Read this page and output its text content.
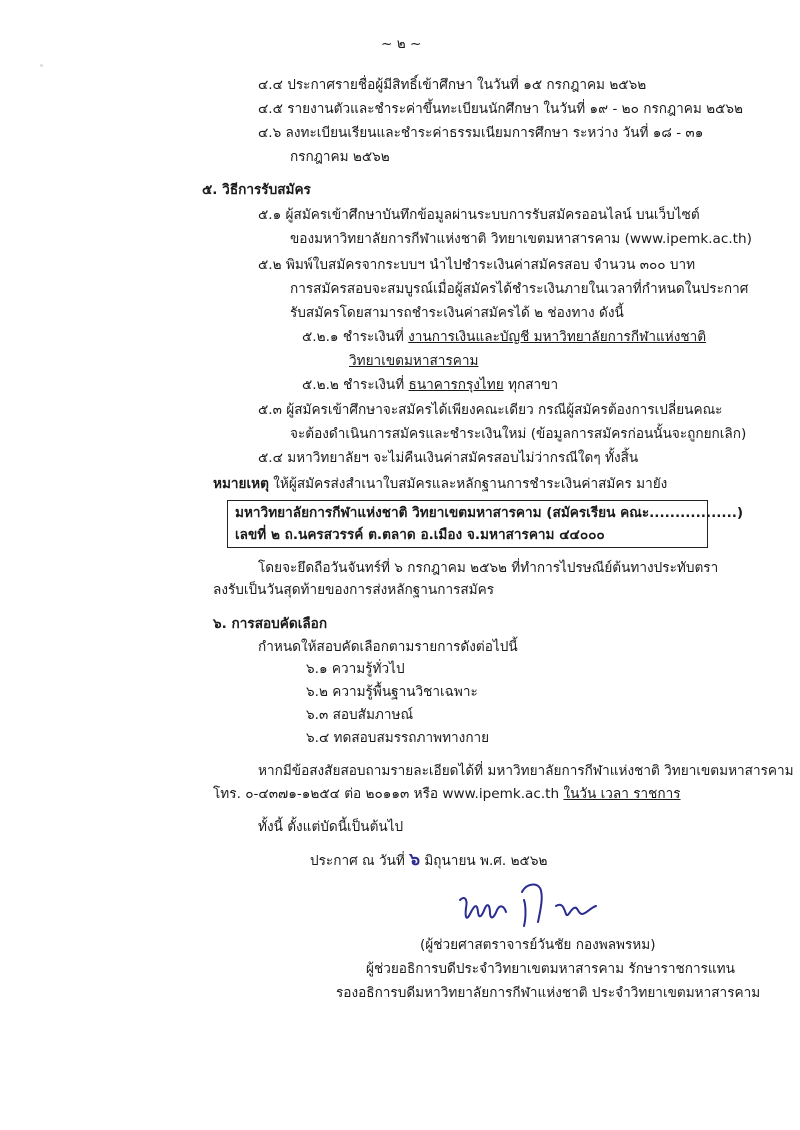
~ ๒ ~
๔.๔ ประกาศรายชื่อผู้มีสิทธิ์เข้าศึกษา ในวันที่ ๑๕ กรกฎาคม ๒๕๖๒
๔.๕ รายงานตัวและชำระค่าขึ้นทะเบียนนักศึกษา ในวันที่ ๑๙ - ๒๐ กรกฎาคม ๒๕๖๒
๔.๖ ลงทะเบียนเรียนและชำระค่าธรรมเนียมการศึกษา ระหว่าง วันที่ ๑๘ - ๓๑
กรกฎาคม ๒๕๖๒
๕. วิธีการรับสมัคร
๕.๑ ผู้สมัครเข้าศึกษาบันทึกข้อมูลผ่านระบบการรับสมัครออนไลน์ บนเว็บไซต์
ของมหาวิทยาลัยการกีฬาแห่งชาติ วิทยาเขตมหาสารคาม (www.ipemk.ac.th)
๕.๒ พิมพ์ใบสมัครจากระบบฯ นำไปชำระเงินค่าสมัครสอบ จำนวน ๓๐๐ บาท
การสมัครสอบจะสมบูรณ์เมื่อผู้สมัครได้ชำระเงินภายในเวลาที่กำหนดในประกาศ
รับสมัครโดยสามารถชำระเงินค่าสมัครได้ ๒ ช่องทาง ดังนี้
๕.๒.๑ ชำระเงินที่ งานการเงินและบัญชี มหาวิทยาลัยการกีฬาแห่งชาติ
วิทยาเขตมหาสารคาม
๕.๒.๒ ชำระเงินที่ ธนาคารกรุงไทย ทุกสาขา
๕.๓ ผู้สมัครเข้าศึกษาจะสมัครได้เพียงคณะเดียว กรณีผู้สมัครต้องการเปลี่ยนคณะ
จะต้องดำเนินการสมัครและชำระเงินใหม่ (ข้อมูลการสมัครก่อนนั้นจะถูกยกเลิก)
๕.๔ มหาวิทยาลัยฯ จะไม่คืนเงินค่าสมัครสอบไม่ว่ากรณีใดๆ ทั้งสิ้น
หมายเหตุ ให้ผู้สมัครส่งสำเนาใบสมัครและหลักฐานการชำระเงินค่าสมัคร มายัง
มหาวิทยาลัยการกีฬาแห่งชาติ วิทยาเขตมหาสารคาม (สมัครเรียน คณะ.................)
เลขที่ ๒ ถ.นครสวรรค์ ต.ตลาด อ.เมือง จ.มหาสารคาม ๔๔๐๐๐
โดยจะยึดถือวันจันทร์ที่ ๖ กรกฎาคม ๒๕๖๒ ที่ทำการไปรษณีย์ต้นทางประทับตรา
ลงรับเป็นวันสุดท้ายของการส่งหลักฐานการสมัคร
๖. การสอบคัดเลือก
กำหนดให้สอบคัดเลือกตามรายการดังต่อไปนี้
๖.๑ ความรู้ทั่วไป
๖.๒ ความรู้พื้นฐานวิชาเฉพาะ
๖.๓ สอบสัมภาษณ์
๖.๔ ทดสอบสมรรถภาพทางกาย
หากมีข้อสงสัยสอบถามรายละเอียดได้ที่ มหาวิทยาลัยการกีฬาแห่งชาติ วิทยาเขตมหาสารคาม
โทร. ๐-๔๓๗๑-๑๒๕๔ ต่อ ๒๐๑๑๓ หรือ www.ipemk.ac.th ในวัน เวลา ราชการ
ทั้งนี้ ตั้งแต่บัดนี้เป็นต้นไป
ประกาศ ณ วันที่ ๖ มิถุนายน พ.ศ. ๒๕๖๒
(ผู้ช่วยศาสตราจารย์วันชัย กองพลพรหม)
ผู้ช่วยอธิการบดีประจำวิทยาเขตมหาสารคาม รักษาราชการแทน
รองอธิการบดีมหาวิทยาลัยการกีฬาแห่งชาติ ประจำวิทยาเขตมหาสารคาม
